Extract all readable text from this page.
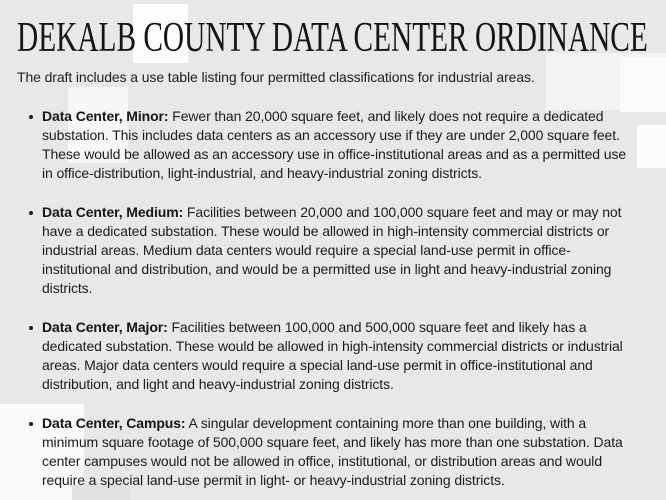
DEKALB COUNTY DATA CENTER ORDINANCE

The draft includes a use table listing four permitted classifications for industrial areas.

Data Center, Minor: Fewer than 20,000 square feet, and likely does not require a dedicated substation. This includes data centers as an accessory use if they are under 2,000 square feet. These would be allowed as an accessory use in office-institutional areas and as a permitted use in office-distribution, light-industrial, and heavy-industrial zoning districts.

Data Center, Medium: Facilities between 20,000 and 100,000 square feet and may or may not have a dedicated substation. These would be allowed in high-intensity commercial districts or industrial areas. Medium data centers would require a special land-use permit in office-institutional and distribution, and would be a permitted use in light and heavy-industrial zoning districts.

Data Center, Major: Facilities between 100,000 and 500,000 square feet and likely has a dedicated substation. These would be allowed in high-intensity commercial districts or industrial areas. Major data centers would require a special land-use permit in office-institutional and distribution, and light and heavy-industrial zoning districts.

Data Center, Campus: A singular development containing more than one building, with a minimum square footage of 500,000 square feet, and likely has more than one substation. Data center campuses would not be allowed in office, institutional, or distribution areas and would require a special land-use permit in light- or heavy-industrial zoning districts.
